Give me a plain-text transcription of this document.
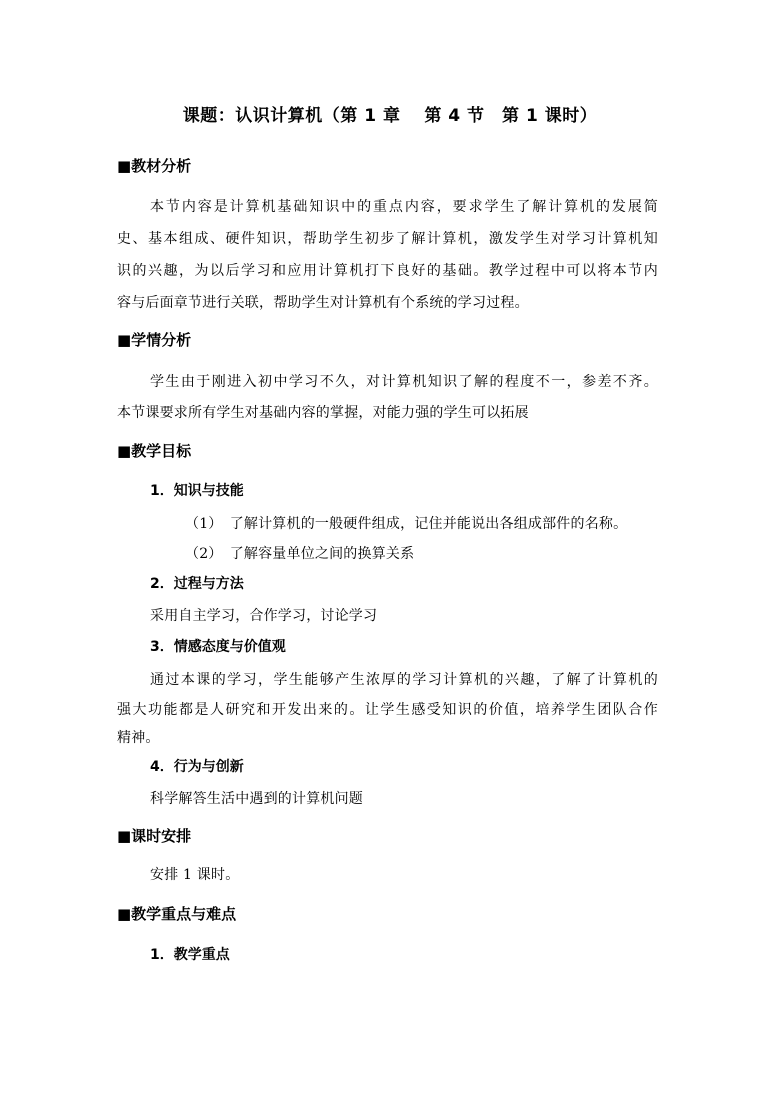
课题：认识计算机（第 1 章　 第 4 节　第 1 课时）
■教材分析
本节内容是计算机基础知识中的重点内容，要求学生了解计算机的发展简
史、基本组成、硬件知识，帮助学生初步了解计算机，激发学生对学习计算机知
识的兴趣，为以后学习和应用计算机打下良好的基础。教学过程中可以将本节内
容与后面章节进行关联，帮助学生对计算机有个系统的学习过程。
■学情分析
学生由于刚进入初中学习不久，对计算机知识了解的程度不一，参差不齐。
本节课要求所有学生对基础内容的掌握，对能力强的学生可以拓展
■教学目标
1．知识与技能
（1）　了解计算机的一般硬件组成，记住并能说出各组成部件的名称。
（2）　了解容量单位之间的换算关系
2．过程与方法
采用自主学习，合作学习，讨论学习
3．情感态度与价值观
通过本课的学习，学生能够产生浓厚的学习计算机的兴趣，了解了计算机的
强大功能都是人研究和开发出来的。让学生感受知识的价值，培养学生团队合作
精神。
4．行为与创新
科学解答生活中遇到的计算机问题
■课时安排
安排 1 课时。
■教学重点与难点
1．教学重点
